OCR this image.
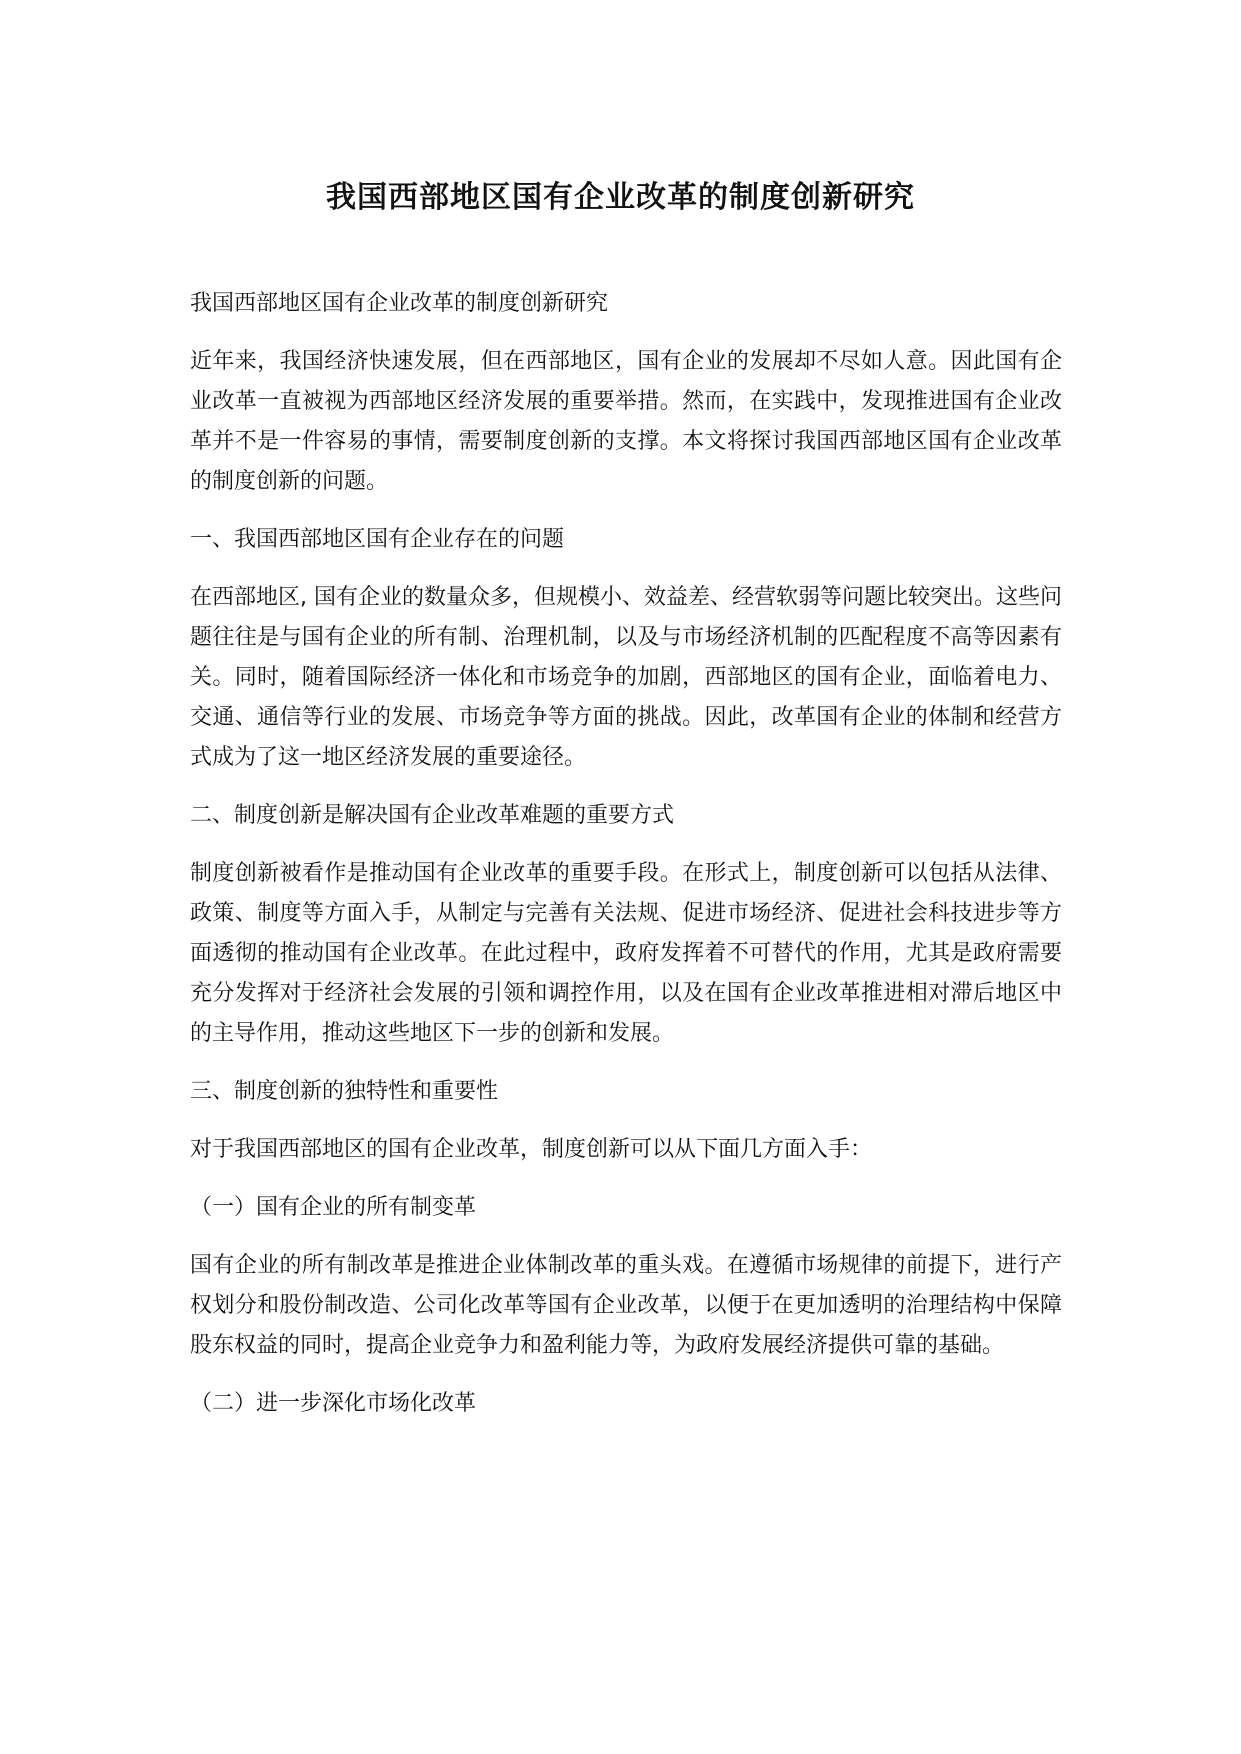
我国西部地区国有企业改革的制度创新研究

我国西部地区国有企业改革的制度创新研究

近年来，我国经济快速发展，但在西部地区，国有企业的发展却不尽如人意。因此国有企业改革一直被视为西部地区经济发展的重要举措。然而，在实践中，发现推进国有企业改革并不是一件容易的事情，需要制度创新的支撑。本文将探讨我国西部地区国有企业改革的制度创新的问题。

一、我国西部地区国有企业存在的问题

在西部地区, 国有企业的数量众多，但规模小、效益差、经营软弱等问题比较突出。这些问题往往是与国有企业的所有制、治理机制，以及与市场经济机制的匹配程度不高等因素有关。同时，随着国际经济一体化和市场竞争的加剧，西部地区的国有企业，面临着电力、交通、通信等行业的发展、市场竞争等方面的挑战。因此，改革国有企业的体制和经营方式成为了这一地区经济发展的重要途径。

二、制度创新是解决国有企业改革难题的重要方式

制度创新被看作是推动国有企业改革的重要手段。在形式上，制度创新可以包括从法律、政策、制度等方面入手，从制定与完善有关法规、促进市场经济、促进社会科技进步等方面透彻的推动国有企业改革。在此过程中，政府发挥着不可替代的作用，尤其是政府需要充分发挥对于经济社会发展的引领和调控作用，以及在国有企业改革推进相对滞后地区中的主导作用，推动这些地区下一步的创新和发展。

三、制度创新的独特性和重要性

对于我国西部地区的国有企业改革，制度创新可以从下面几方面入手：

（一）国有企业的所有制变革

国有企业的所有制改革是推进企业体制改革的重头戏。在遵循市场规律的前提下，进行产权划分和股份制改造、公司化改革等国有企业改革，以便于在更加透明的治理结构中保障股东权益的同时，提高企业竞争力和盈利能力等，为政府发展经济提供可靠的基础。

（二）进一步深化市场化改革
